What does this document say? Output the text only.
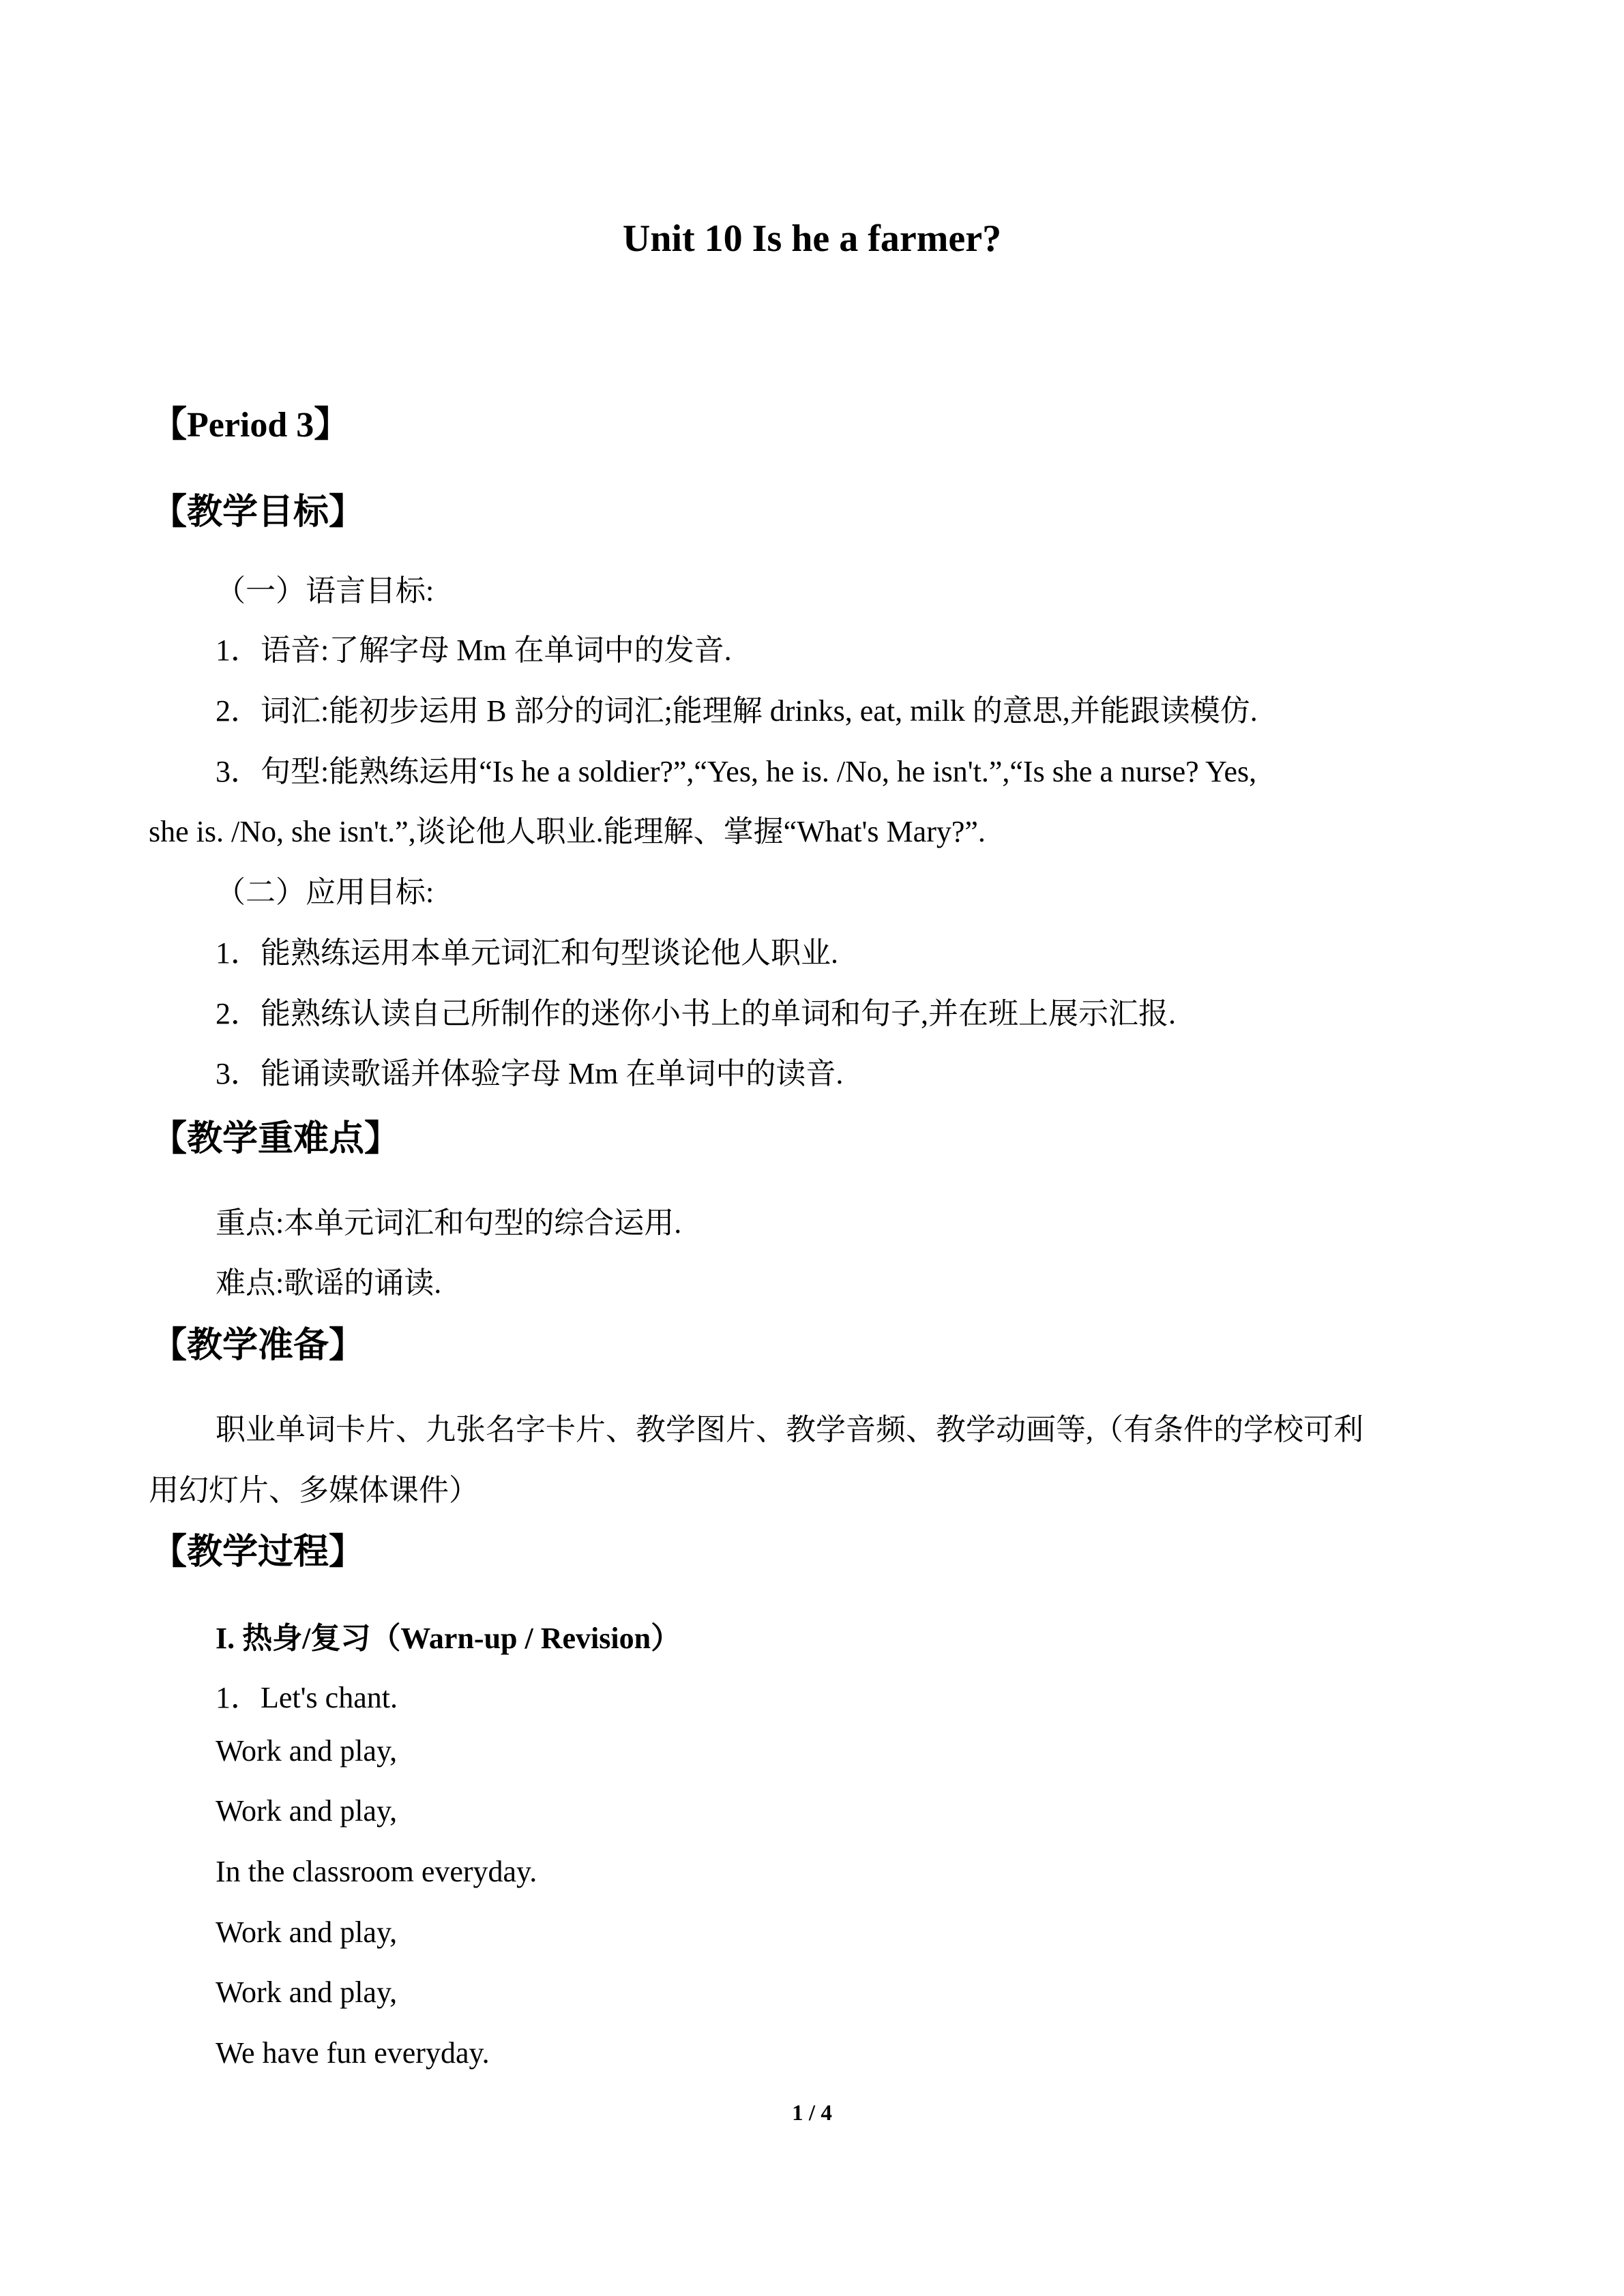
Unit 10 Is he a farmer?
【Period 3】
【教学目标】
（一）语言目标:
1．语音:了解字母 Mm 在单词中的发音.
2．词汇:能初步运用 B 部分的词汇;能理解 drinks, eat, milk 的意思,并能跟读模仿.
3．句型:能熟练运用“Is he a soldier?”,“Yes, he is. /No, he isn't.”,“Is she a nurse? Yes,
she is. /No, she isn't.”,谈论他人职业.能理解、掌握“What's Mary?”.
（二）应用目标:
1．能熟练运用本单元词汇和句型谈论他人职业.
2．能熟练认读自己所制作的迷你小书上的单词和句子,并在班上展示汇报.
3．能诵读歌谣并体验字母 Mm 在单词中的读音.
【教学重难点】
重点:本单元词汇和句型的综合运用.
难点:歌谣的诵读.
【教学准备】
职业单词卡片、九张名字卡片、教学图片、教学音频、教学动画等,（有条件的学校可利
用幻灯片、多媒体课件）
【教学过程】
I. 热身/复习（Warn-up / Revision）
1．Let's chant.
Work and play,
Work and play,
In the classroom everyday.
Work and play,
Work and play,
We have fun everyday.
1 / 4
